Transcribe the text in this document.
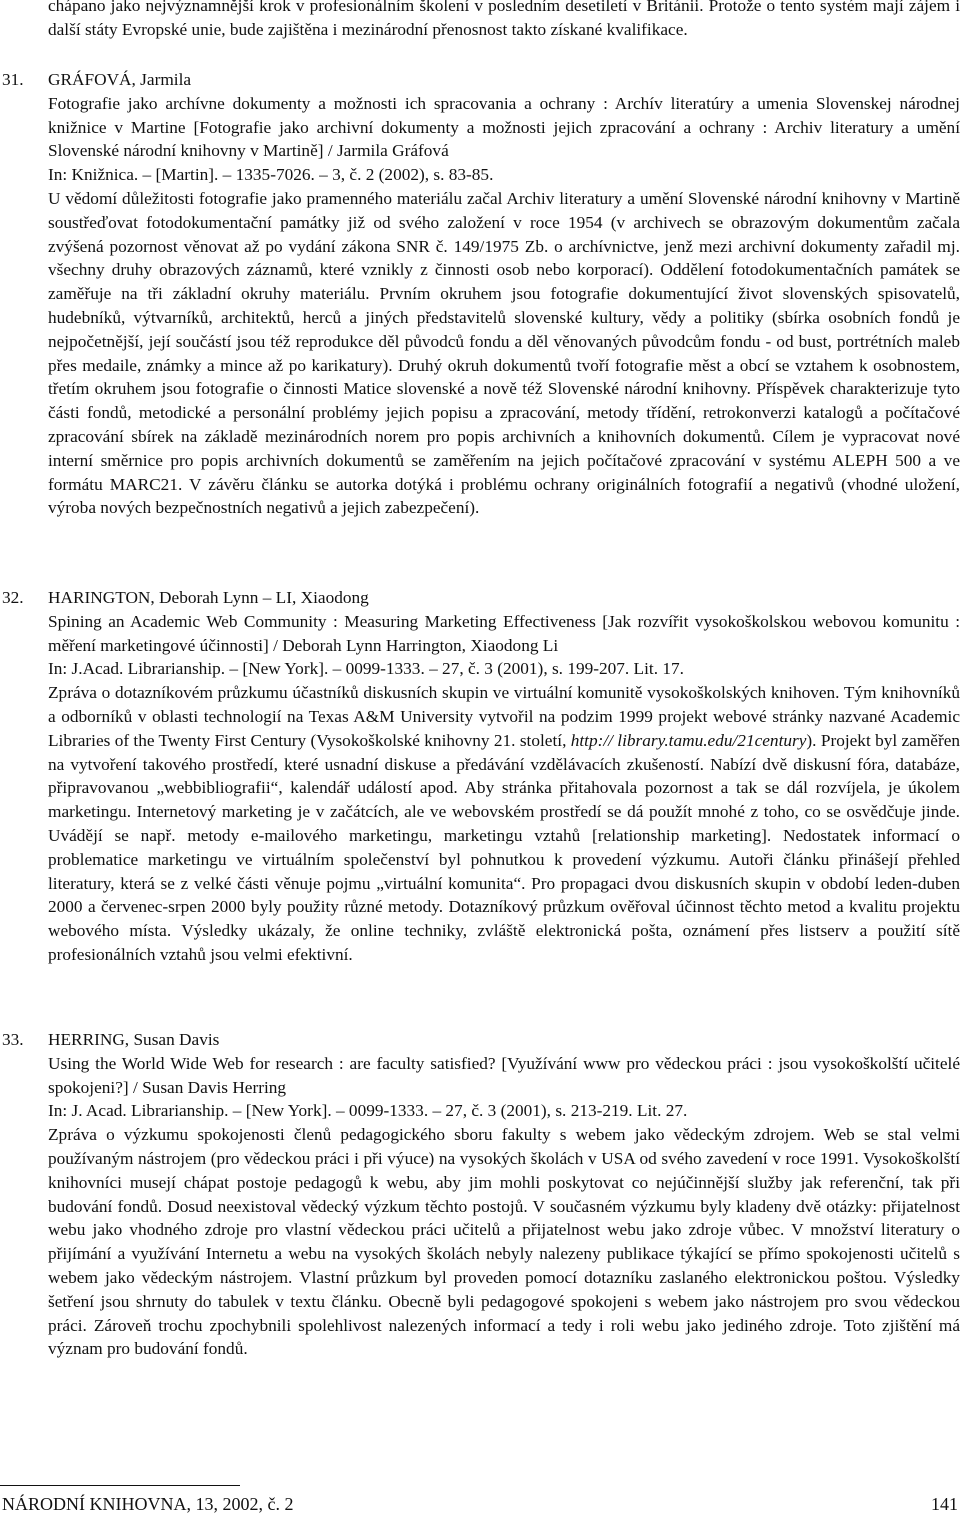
chápano jako nejvýznamnější krok v profesionálním školení v posledním desetiletí v Británii. Protože o tento systém mají zájem i další státy Evropské unie, bude zajištěna i mezinárodní přenosnost takto získané kvalifikace.
31. GRÁFOVÁ, Jarmila

Fotografie jako archívne dokumenty a možnosti ich spracovania a ochrany : Archív literatúry a umenia Slovenskej národnej knižnice v Martine [Fotografie jako archivní dokumenty a možnosti jejich zpracování a ochrany : Archiv literatury a umění Slovenské národní knihovny v Martině] / Jarmila Gráfová

In: Knižnica. – [Martin]. – 1335-7026. – 3, č. 2 (2002), s. 83-85.

U vědomí důležitosti fotografie jako pramenného materiálu začal Archiv literatury a umění Slovenské národní knihovny v Martině soustřeďovat fotodokumentační památky již od svého založení v roce 1954 (v archivech se obrazovým dokumentům začala zvýšená pozornost věnovat až po vydání zákona SNR č. 149/1975 Zb. o archívnictve, jenž mezi archivní dokumenty zařadil mj. všechny druhy obrazových záznamů, které vznikly z činnosti osob nebo korporací). Oddělení fotodokumentačních památek se zaměřuje na tři základní okruhy materiálu. Prvním okruhem jsou fotografie dokumentující život slovenských spisovatelů, hudebníků, výtvarníků, architektů, herců a jiných představitelů slovenské kultury, vědy a politiky (sbírka osobních fondů je nejpočetnější, její součástí jsou též reprodukce děl původců fondu a děl věnovaných původcům fondu - od bust, portrétních maleb přes medaile, známky a mince až po karikatury). Druhý okruh dokumentů tvoří fotografie měst a obcí se vztahem k osobnostem, třetím okruhem jsou fotografie o činnosti Matice slovenské a nově též Slovenské národní knihovny. Příspěvek charakterizuje tyto části fondů, metodické a personální problémy jejich popisu a zpracování, metody třídění, retrokonverzi katalogů a počítačové zpracování sbírek na základě mezinárodních norem pro popis archivních a knihovních dokumentů. Cílem je vypracovat nové interní směrnice pro popis archivních dokumentů se zaměřením na jejich počítačové zpracování v systému ALEPH 500 a ve formátu MARC21. V závěru článku se autorka dotýká i problému ochrany originálních fotografií a negativů (vhodné uložení, výroba nových bezpečnostních negativů a jejich zabezpečení).

32. HARINGTON, Deborah Lynn – LI, Xiaodong

Spining an Academic Web Community : Measuring Marketing Effectiveness [Jak rozvířit vysokoškolskou webovou komunitu : měření marketingové účinnosti] / Deborah Lynn Harrington, Xiaodong Li

In: J.Acad. Librarianship. – [New York]. – 0099-1333. – 27, č. 3 (2001), s. 199-207. Lit. 17.

Zpráva o dotazníkovém průzkumu účastníků diskusních skupin ve virtuální komunitě vysokoškolských knihoven. Tým knihovníků a odborníků v oblasti technologií na Texas A&M University vytvořil na podzim 1999 projekt webové stránky nazvané Academic Libraries of the Twenty First Century (Vysokoškolské knihovny 21. století, http:// library.tamu.edu/21century). Projekt byl zaměřen na vytvoření takového prostředí, které usnadní diskuse a předávání vzdělávacích zkušeností. Nabízí dvě diskusní fóra, databáze, připravovanou „webbibliografii“, kalendář událostí apod. Aby stránka přitahovala pozornost a tak se dál rozvíjela, je úkolem marketingu. Internetový marketing je v začátcích, ale ve webovském prostředí se dá použít mnohé z toho, co se osvědčuje jinde. Uvádějí se např. metody e-mailového marketingu, marketingu vztahů [relationship marketing]. Nedostatek informací o problematice marketingu ve virtuálním společenství byl pohnutkou k provedení výzkumu. Autoři článku přinášejí přehled literatury, která se z velké části věnuje pojmu „virtuální komunita“. Pro propagaci dvou diskusních skupin v období leden-duben 2000 a červenec-srpen 2000 byly použity různé metody. Dotazníkový průzkum ověřoval účinnost těchto metod a kvalitu projektu webového místa. Výsledky ukázaly, že online techniky, zvláště elektronická pošta, oznámení přes listserv a použití sítě profesionálních vztahů jsou velmi efektivní.

33. HERRING, Susan Davis

Using the World Wide Web for research : are faculty satisfied? [Využívání www pro vědeckou práci : jsou vysokoškolští učitelé spokojeni?] / Susan Davis Herring

In: J. Acad. Librarianship. – [New York]. – 0099-1333. – 27, č. 3 (2001), s. 213-219. Lit. 27.

Zpráva o výzkumu spokojenosti členů pedagogického sboru fakulty s webem jako vědeckým zdrojem. Web se stal velmi používaným nástrojem (pro vědeckou práci i při výuce) na vysokých školách v USA od svého zavedení v roce 1991. Vysokoškolští knihovníci musejí chápat postoje pedagogů k webu, aby jim mohli poskytovat co nejúčinnější služby jak referenční, tak při budování fondů. Dosud neexistoval vědecký výzkum těchto postojů. V současném výzkumu byly kladeny dvě otázky: přijatelnost webu jako vhodného zdroje pro vlastní vědeckou práci učitelů a přijatelnost webu jako zdroje vůbec. V množství literatury o přijímání a využívání Internetu a webu na vysokých školách nebyly nalezeny publikace týkající se přímo spokojenosti učitelů s webem jako vědeckým nástrojem. Vlastní průzkum byl proveden pomocí dotazníku zaslaného elektronickou poštou. Výsledky šetření jsou shrnuty do tabulek v textu článku. Obecně byli pedagogové spokojeni s webem jako nástrojem pro svou vědeckou práci. Zároveň trochu zpochybnili spolehlivost nalezených informací a tedy i roli webu jako jediného zdroje. Toto zjištění má význam pro budování fondů.

NÁRODNÍ KNIHOVNA, 13, 2002, č. 2	141
